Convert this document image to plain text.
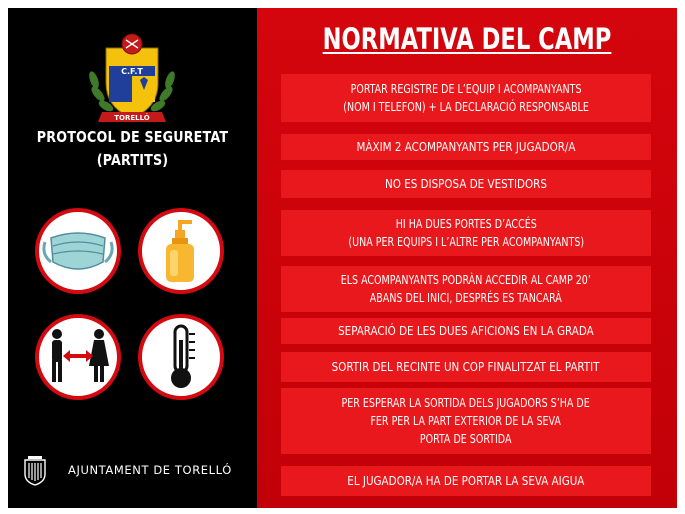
C.F.T
TORELLÓ
PROTOCOL DE SEGURETAT
(PARTITS)
AJUNTAMENT DE TORELLÓ
NORMATIVA DEL CAMP
PORTAR REGISTRE DE L’EQUIP I ACOMPANYANTS
(NOM I TELEFON) + LA DECLARACIÓ RESPONSABLE
MÀXIM 2 ACOMPANYANTS PER JUGADOR/A
NO ES DISPOSA DE VESTIDORS
HI HA DUES PORTES D’ACCÉS
(UNA PER EQUIPS I L’ALTRE PER ACOMPANYANTS)
ELS ACOMPANYANTS PODRÀN ACCEDIR AL CAMP 20’
ABANS DEL INICI, DESPRÉS ES TANCARÀ
SEPARACIÓ DE LES DUES AFICIONS EN LA GRADA
SORTIR DEL RECINTE UN COP FINALITZAT EL PARTIT
PER ESPERAR LA SORTIDA DELS JUGADORS S’HA DE
FER PER LA PART EXTERIOR DE LA SEVA
PORTA DE SORTIDA
EL JUGADOR/A HA DE PORTAR LA SEVA AIGUA
